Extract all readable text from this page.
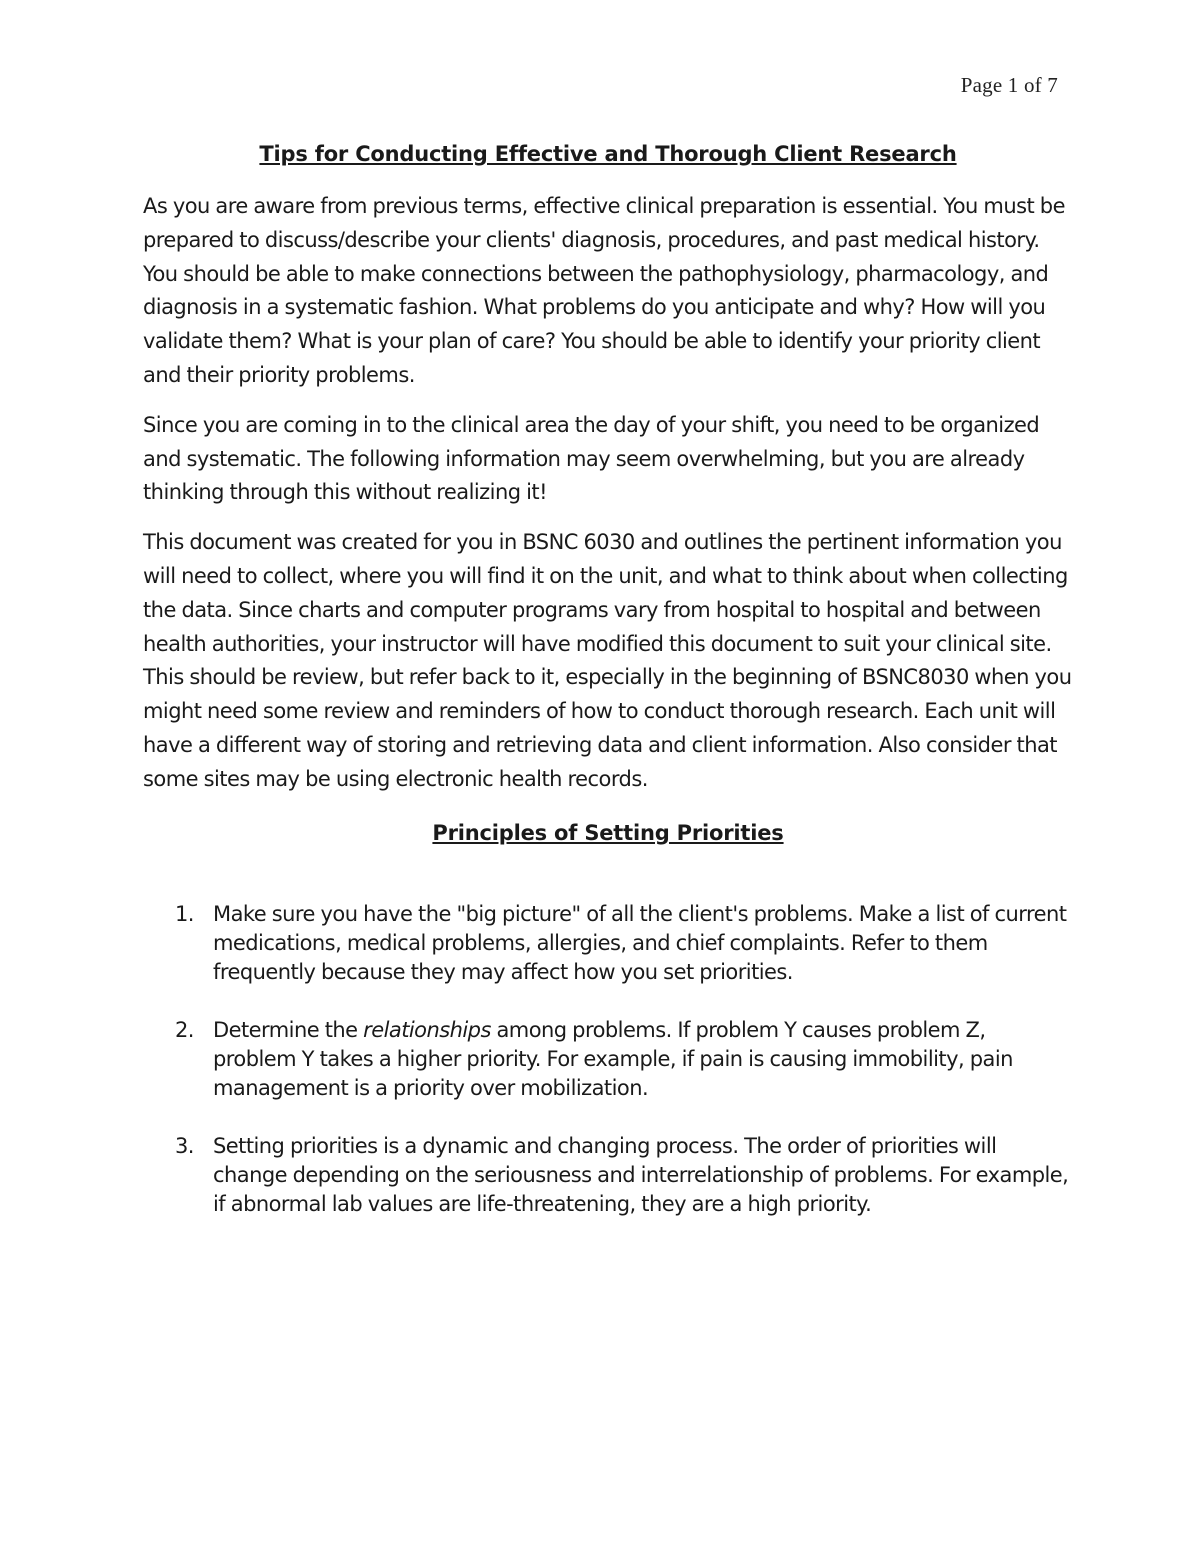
Page 1 of 7
Tips for Conducting Effective and Thorough Client Research

As you are aware from previous terms, effective clinical preparation is essential. You must be prepared to discuss/describe your clients' diagnosis, procedures, and past medical history. You should be able to make connections between the pathophysiology, pharmacology, and diagnosis in a systematic fashion. What problems do you anticipate and why? How will you validate them? What is your plan of care? You should be able to identify your priority client and their priority problems.

Since you are coming in to the clinical area the day of your shift, you need to be organized and systematic. The following information may seem overwhelming, but you are already thinking through this without realizing it!

This document was created for you in BSNC 6030 and outlines the pertinent information you will need to collect, where you will find it on the unit, and what to think about when collecting the data. Since charts and computer programs vary from hospital to hospital and between health authorities, your instructor will have modified this document to suit your clinical site. This should be review, but refer back to it, especially in the beginning of BSNC8030 when you might need some review and reminders of how to conduct thorough research. Each unit will have a different way of storing and retrieving data and client information. Also consider that some sites may be using electronic health records.

Principles of Setting Priorities
1. Make sure you have the "big picture" of all the client's problems. Make a list of current medications, medical problems, allergies, and chief complaints. Refer to them frequently because they may affect how you set priorities.
2. Determine the relationships among problems. If problem Y causes problem Z, problem Y takes a higher priority. For example, if pain is causing immobility, pain management is a priority over mobilization.
3. Setting priorities is a dynamic and changing process. The order of priorities will change depending on the seriousness and interrelationship of problems. For example, if abnormal lab values are life-threatening, they are a high priority.
